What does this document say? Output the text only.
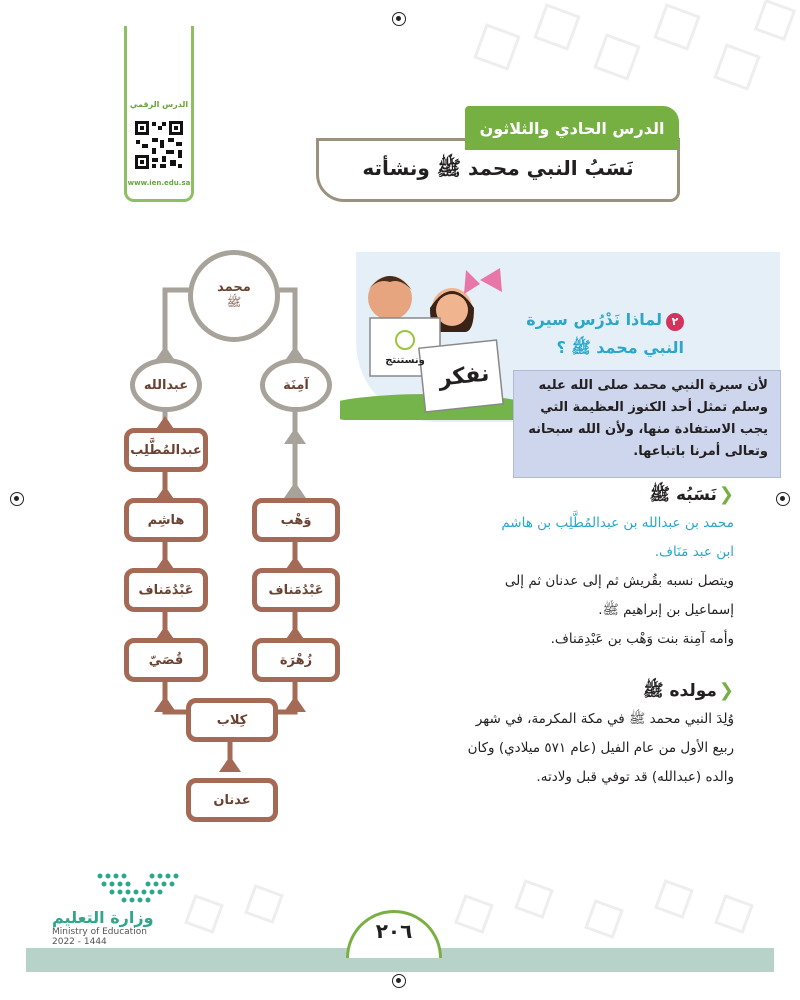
الدرس الرقمي
www.ien.edu.sa
نَسَبُ النبي محمد ﷺ ونشأته
الدرس الحادي والثلاثون
محمد
ﷺ
عبدالله	آمِنَة
عبدالمُطَّلِب
هاشِم
عَبْدُمَناف
قُصَيّ
وَهْب
عَبْدُمَناف
زُهْرَة
كِلاب
عدنان
ونستنتج
نفكر
٢لماذا نَدْرُس سيرة
النبي محمد ﷺ ؟
لأن سيرة النبي محمد صلى الله عليه
وسلم تمثل أحد الكنوز العظيمة التي
يجب الاستفادة منها، ولأن الله سبحانه
وتعالى أمرنا باتباعها.
❮نَسَبُه ﷺ
محمد بن عبدالله بن عبدالمُطَّلِب بن هاشم
ابن عبد مَنَاف.
ويتصل نسبه بقُريش ثم إلى عدنان ثم إلى
إسماعيل بن إبراهيم ﷺ.
وأمه آمِنة بنت وَهْب بن عَبْدِمَناف.
❮مولده ﷺ
وُلِدَ النبي محمد ﷺ في مكة المكرمة، في شهر
ربيع الأول من عام الفيل (عام ٥٧١ ميلادي) وكان
والده (عبدالله) قد توفي قبل ولادته.
٢٠٦
وزارة التعليم
Ministry of Education
2022 - 1444
